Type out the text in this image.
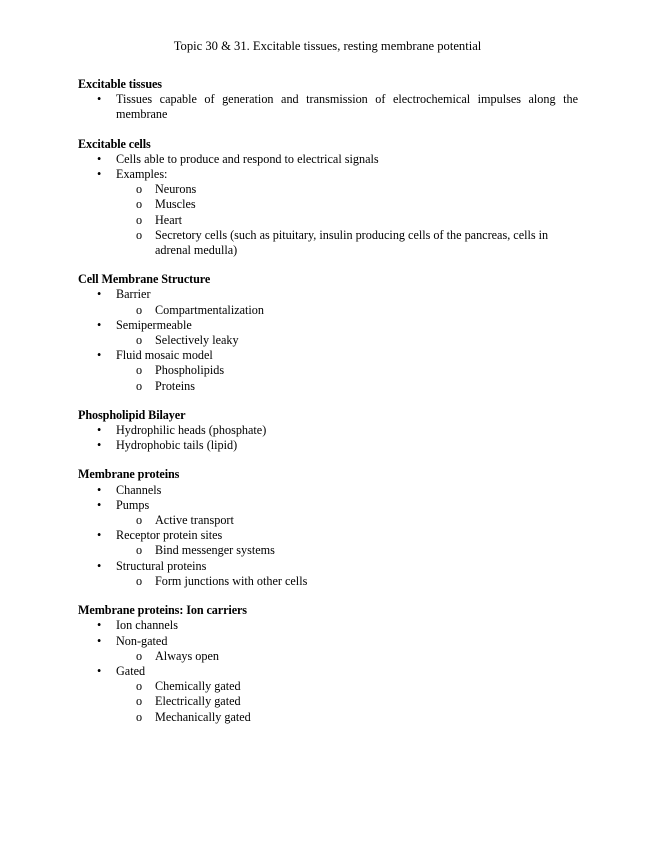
Topic 30 & 31. Excitable tissues, resting membrane potential
Excitable tissues
•	Tissues capable of generation and transmission of electrochemical impulses along the membrane
Excitable cells
•	Cells able to produce and respond to electrical signals
•	Examples:
o	Neurons
o	Muscles
o	Heart
o	Secretory cells (such as pituitary, insulin producing cells of the pancreas, cells in adrenal medulla)
Cell Membrane Structure
•	Barrier
o	Compartmentalization
•	Semipermeable
o	Selectively leaky
•	Fluid mosaic model
o	Phospholipids
o	Proteins
Phospholipid Bilayer
•	Hydrophilic heads (phosphate)
•	Hydrophobic tails (lipid)
Membrane proteins
•	Channels
•	Pumps
o	Active transport
•	Receptor protein sites
o	Bind messenger systems
•	Structural proteins
o	Form junctions with other cells
Membrane proteins: Ion carriers
•	Ion channels
•	Non-gated
o	Always open
•	Gated
o	Chemically gated
o	Electrically gated
o	Mechanically gated
